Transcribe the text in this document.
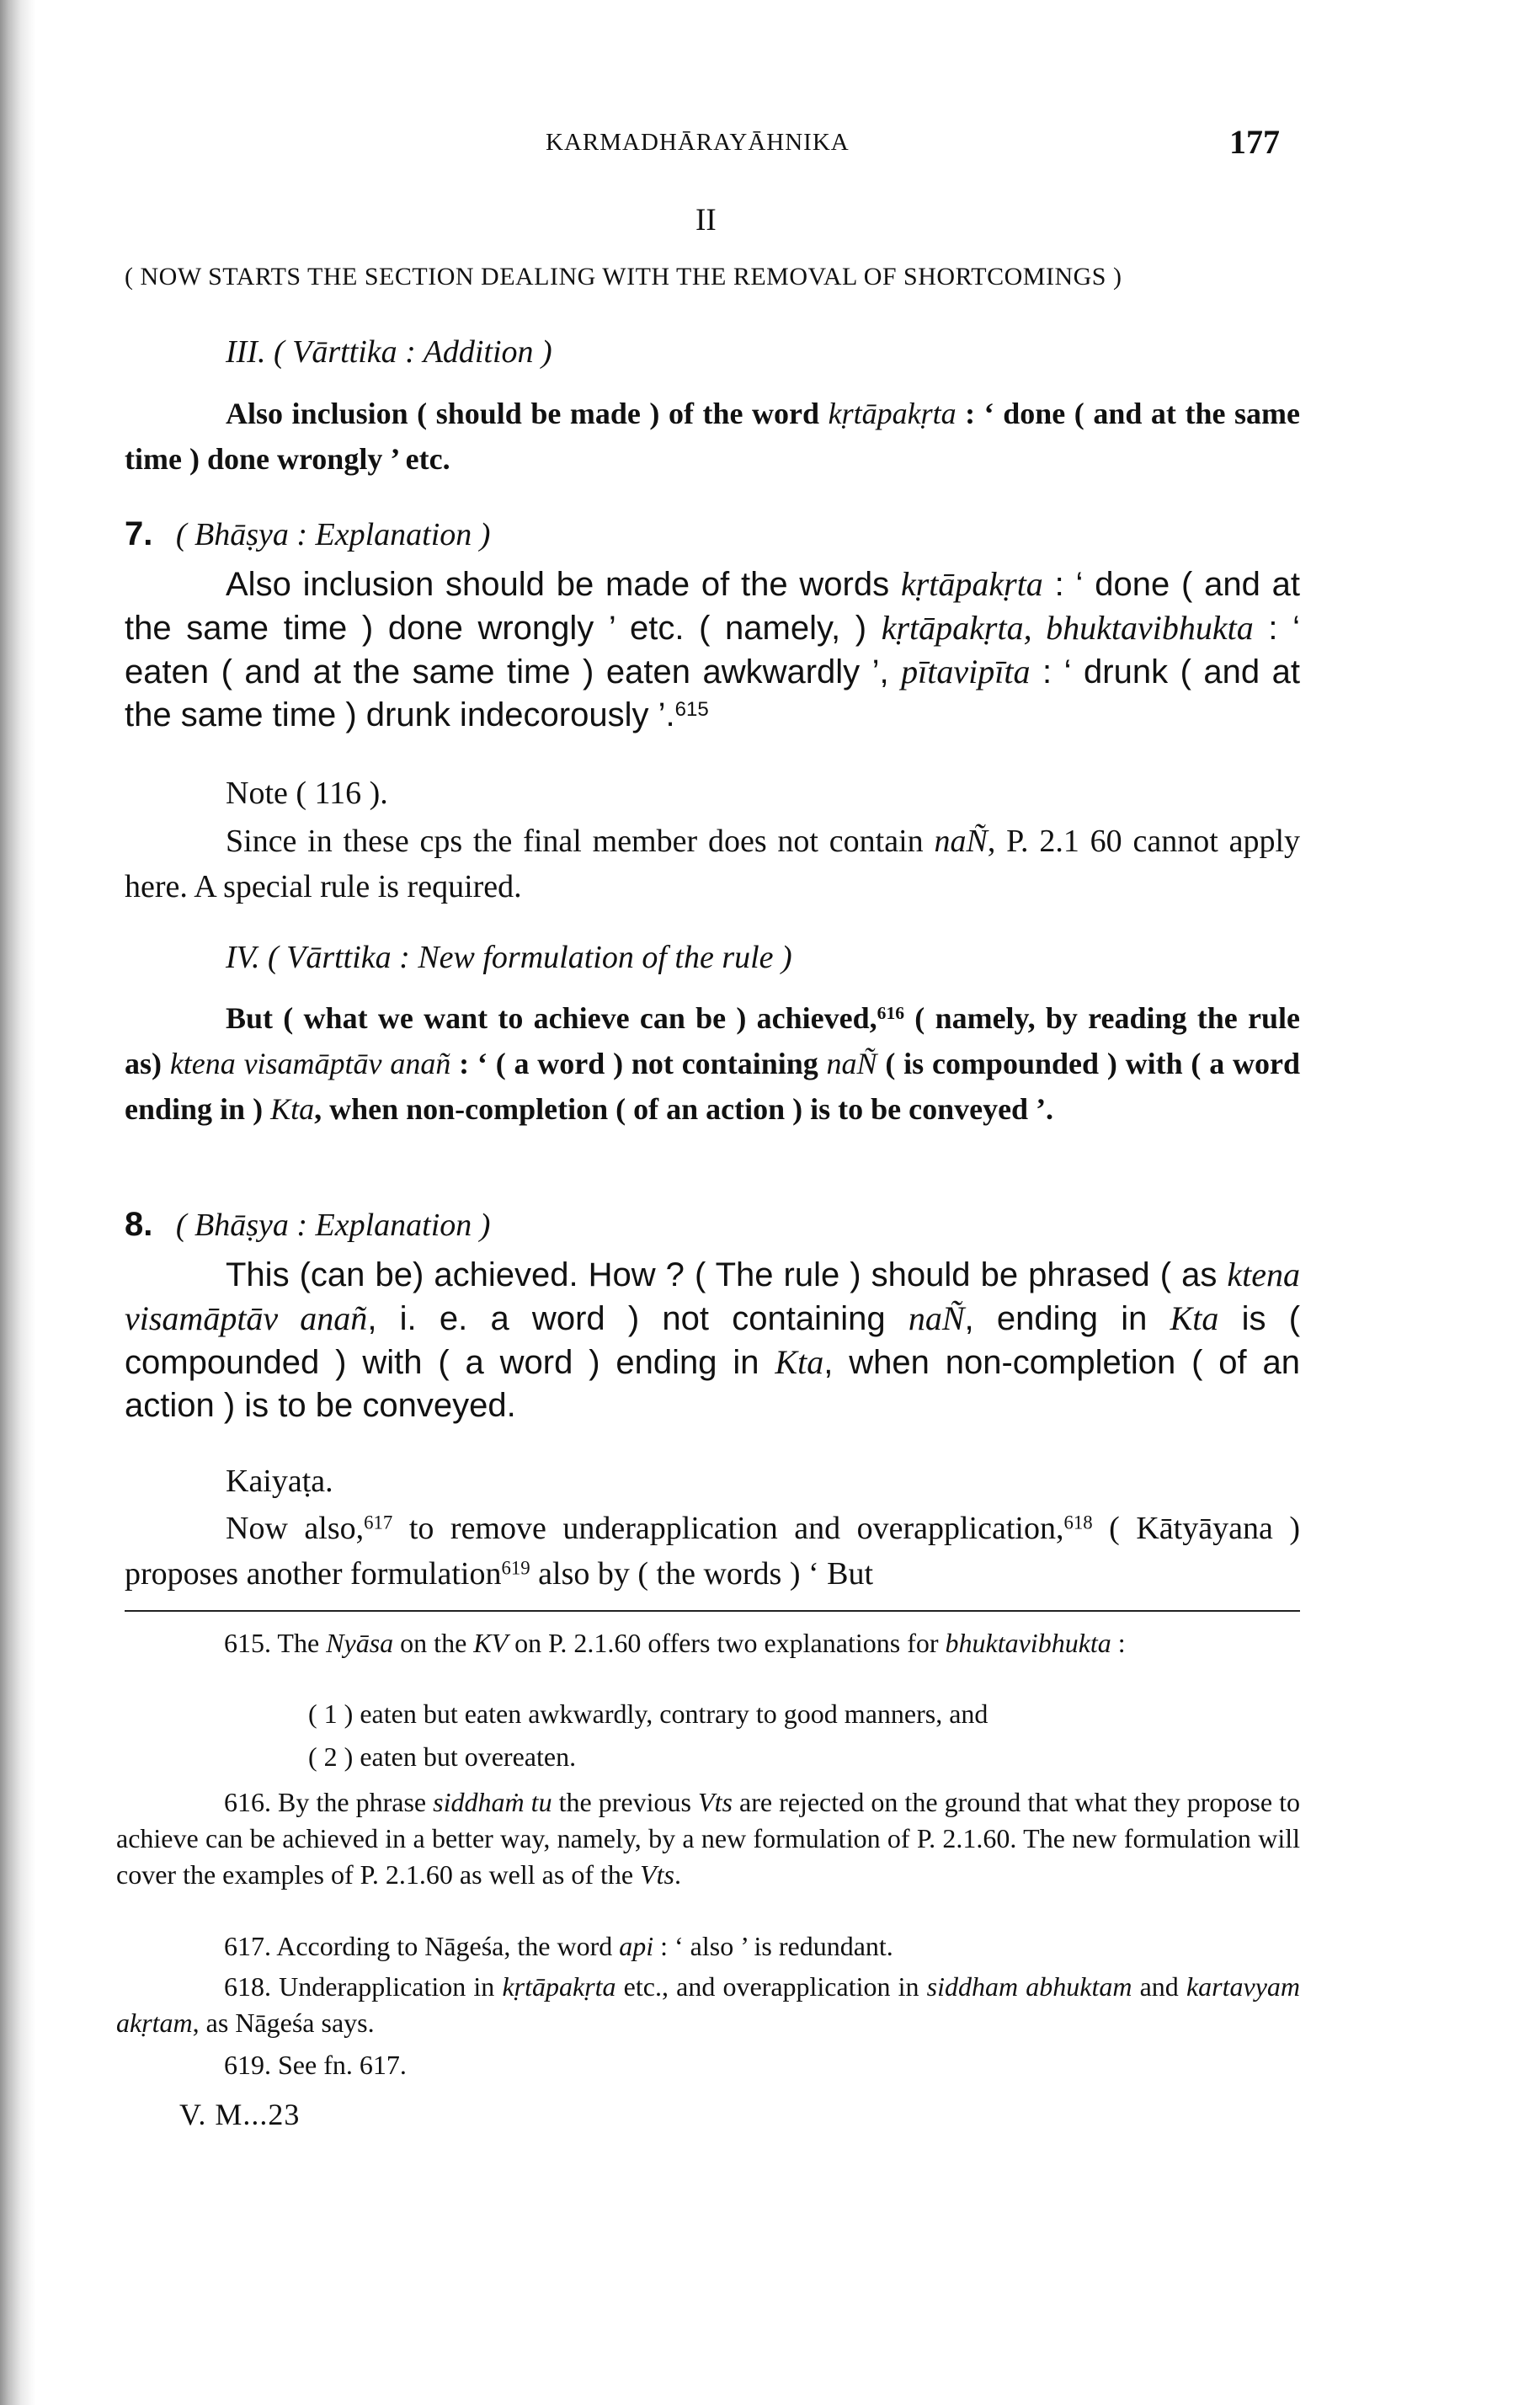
KARMADHĀRAYĀHNIKA	177
II
( NOW STARTS THE SECTION DEALING WITH THE REMOVAL OF SHORTCOMINGS )
III. ( Vārttika : Addition )

Also inclusion ( should be made ) of the word kṛtāpakṛta : ‘ done ( and at the same time ) done wrongly ’ etc.

7. ( Bhāṣya : Explanation )

Also inclusion should be made of the words kṛtāpakṛta : ‘ done ( and at the same time ) done wrongly ’ etc. ( namely, ) kṛtāpakṛta, bhuktavibhukta : ‘ eaten ( and at the same time ) eaten awkwardly ’, pītavipīta : ‘ drunk ( and at the same time ) drunk indecorously ’.$^{615}$

Note ( 116 ).

Since in these cps the final member does not contain naÑ, P. 2.1 60 cannot apply here. A special rule is required.

IV. ( Vārttika : New formulation of the rule )

But ( what we want to achieve can be ) achieved,$^{616}$ ( namely, by reading the rule as) ktena visamāptāv anañ : ‘ ( a word ) not containing naÑ ( is compounded ) with ( a word ending in ) Kta, when non-completion ( of an action ) is to be conveyed ’.

8. ( Bhāṣya : Explanation )

This (can be) achieved. How ? ( The rule ) should be phrased ( as ktena visamāptāv anañ, i. e. a word ) not containing naÑ, ending in Kta is ( compounded ) with ( a word ) ending in Kta, when non-completion ( of an action ) is to be conveyed.

Kaiyaṭa.

Now also,$^{617}$ to remove underapplication and overapplication,$^{618}$ ( Kātyāyana ) proposes another formulation$^{619}$ also by ( the words ) ‘ But

615. The Nyāsa on the KV on P. 2.1.60 offers two explanations for bhuktavibhukta :

( 1 ) eaten but eaten awkwardly, contrary to good manners, and
( 2 ) eaten but overeaten.

616. By the phrase siddhaṁ tu the previous Vts are rejected on the ground that what they propose to achieve can be achieved in a better way, namely, by a new formulation of P. 2.1.60. The new formulation will cover the examples of P. 2.1.60 as well as of the Vts.

617. According to Nāgeśa, the word api : ‘ also ’ is redundant.

618. Underapplication in kṛtāpakṛta etc., and overapplication in siddham abhuktam and kartavyam akṛtam, as Nāgeśa says.

619. See fn. 617.

V. M...23
